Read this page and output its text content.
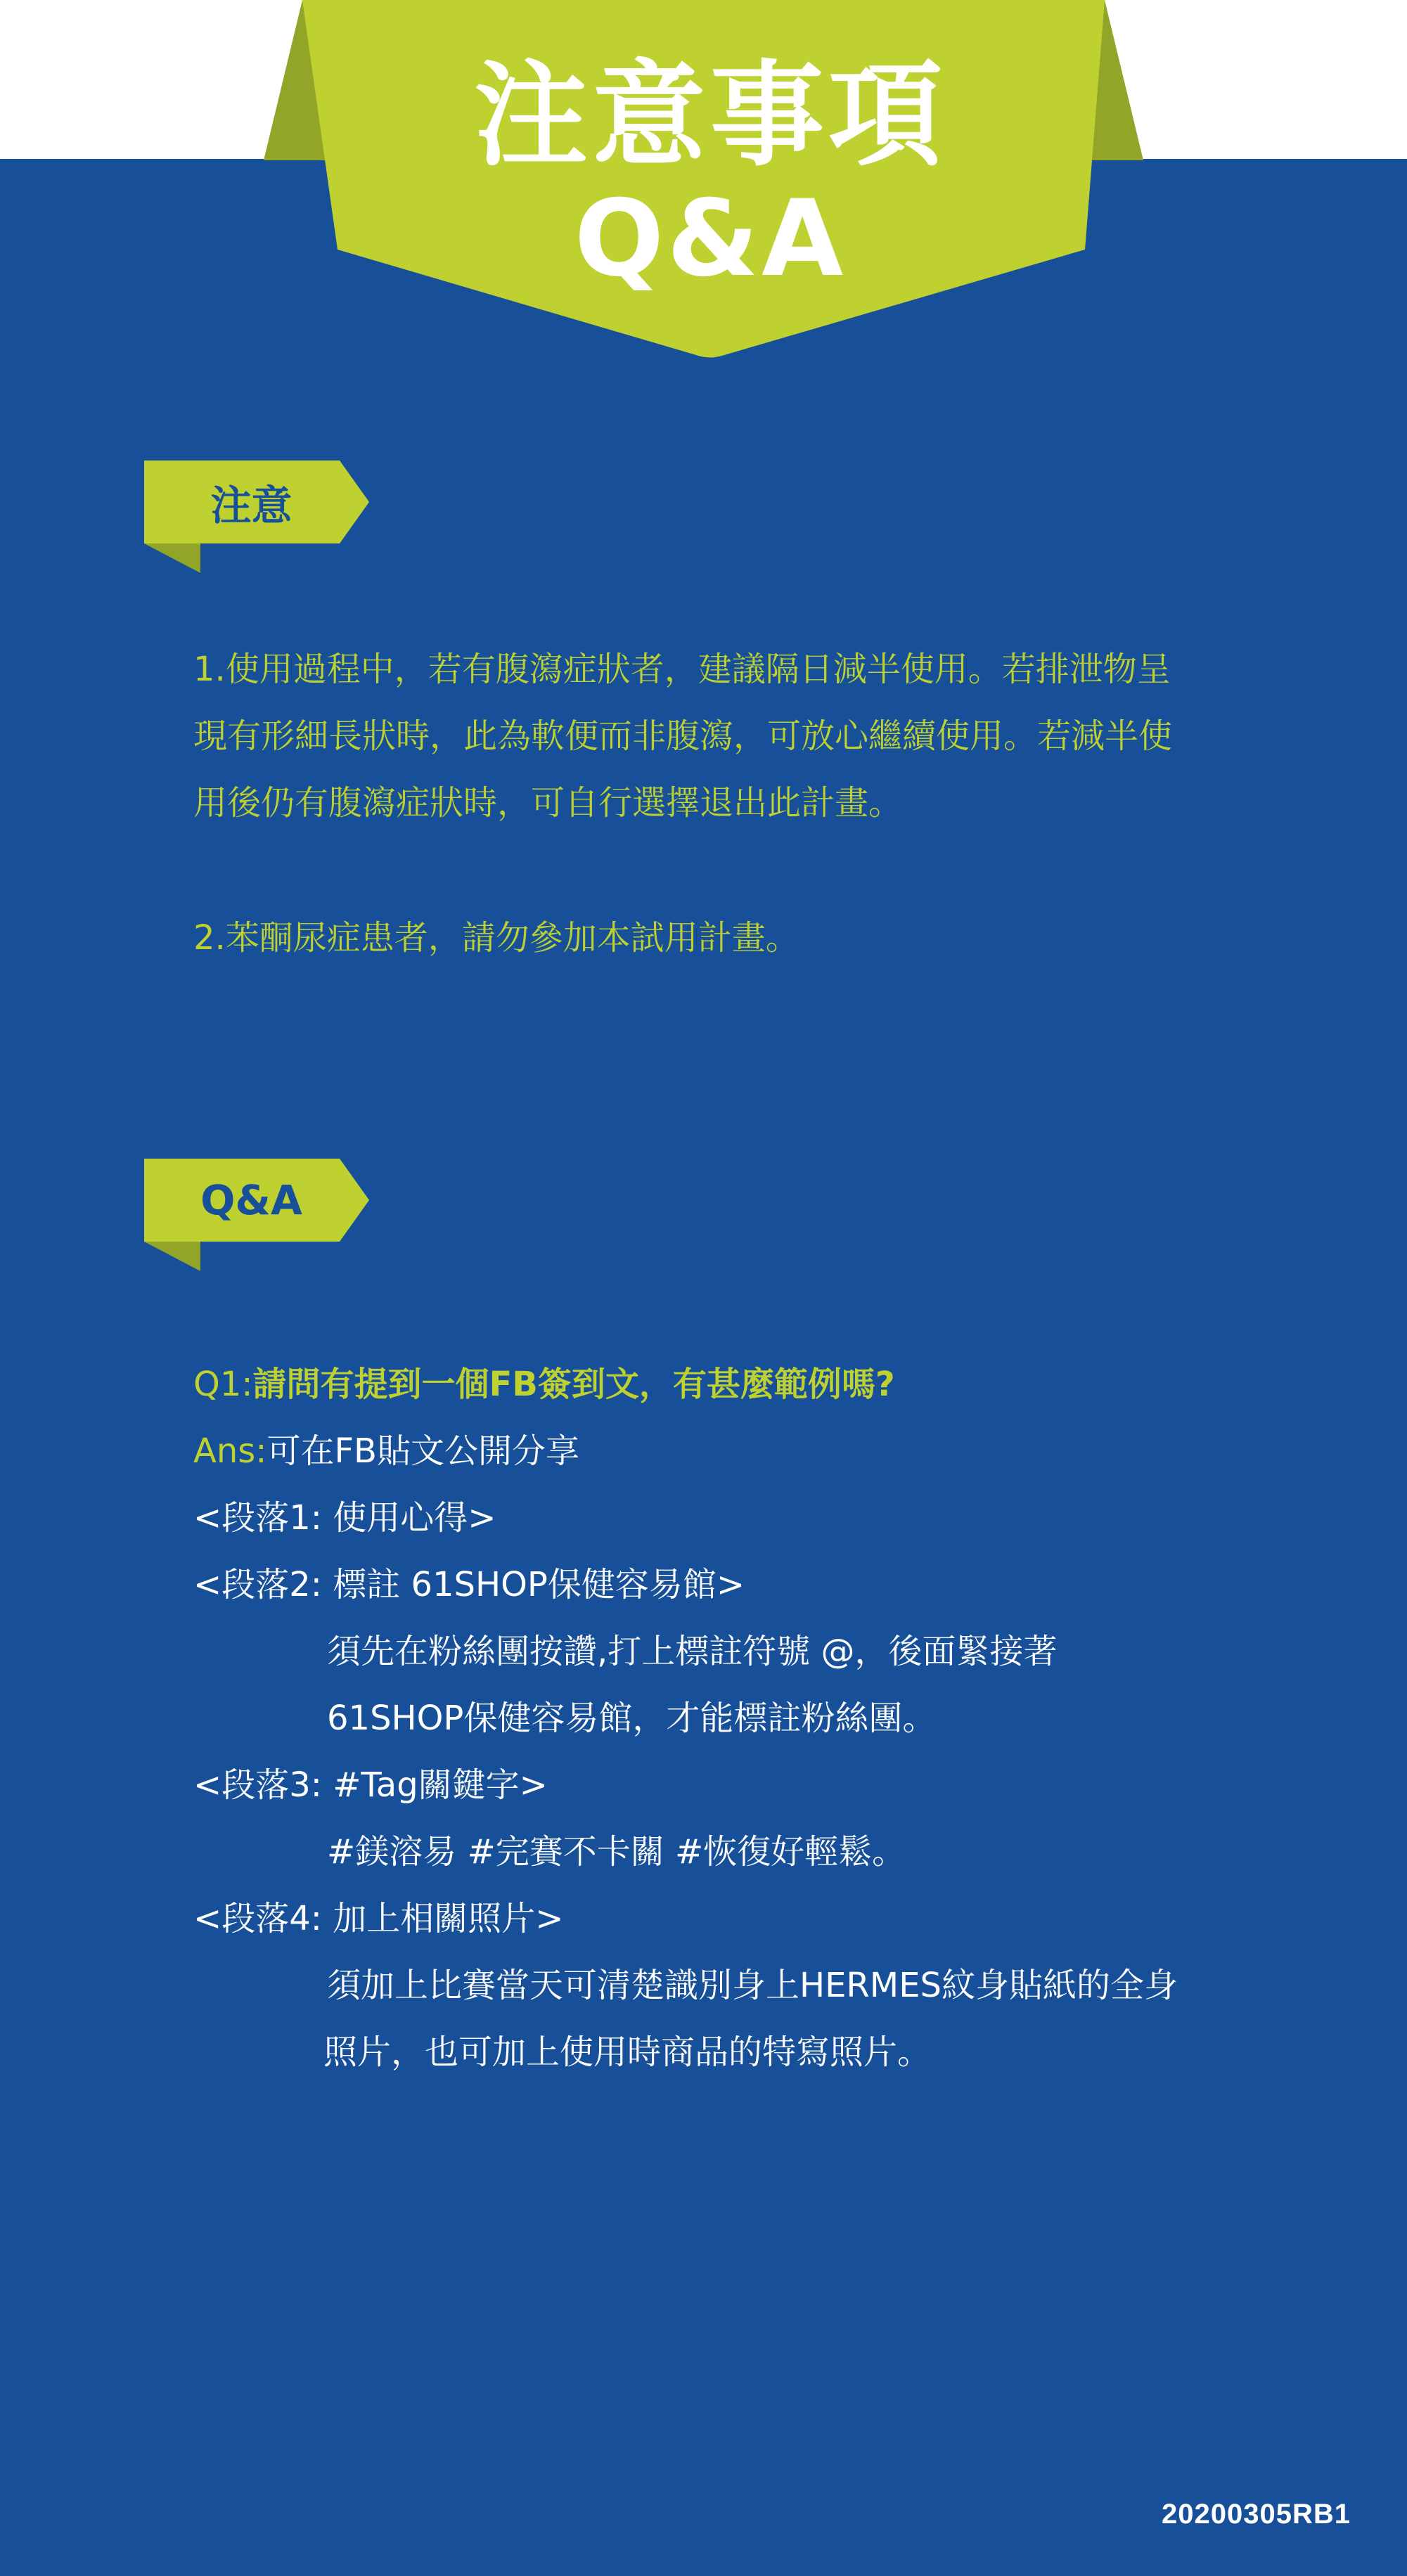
注意事項
Q&A
注意

1.使用過程中，若有腹瀉症狀者，建議隔日減半使用。若排泄物呈

現有形細長狀時，此為軟便而非腹瀉，可放心繼續使用。若減半使

用後仍有腹瀉症狀時，可自行選擇退出此計畫。

2.苯酮尿症患者，請勿參加本試用計畫。

Q&A

Q1:請問有提到一個FB簽到文，有甚麼範例嗎?

Ans:可在FB貼文公開分享

<段落1: 使用心得>

<段落2: 標註 61SHOP保健容易館>

須先在粉絲團按讚,打上標註符號 @，後面緊接著

61SHOP保健容易館，才能標註粉絲團。

<段落3: #Tag關鍵字>

#鎂溶易 #完賽不卡關 #恢復好輕鬆。

<段落4: 加上相關照片>

須加上比賽當天可清楚識別身上HERMES紋身貼紙的全身

照片，也可加上使用時商品的特寫照片。

20200305RB1
